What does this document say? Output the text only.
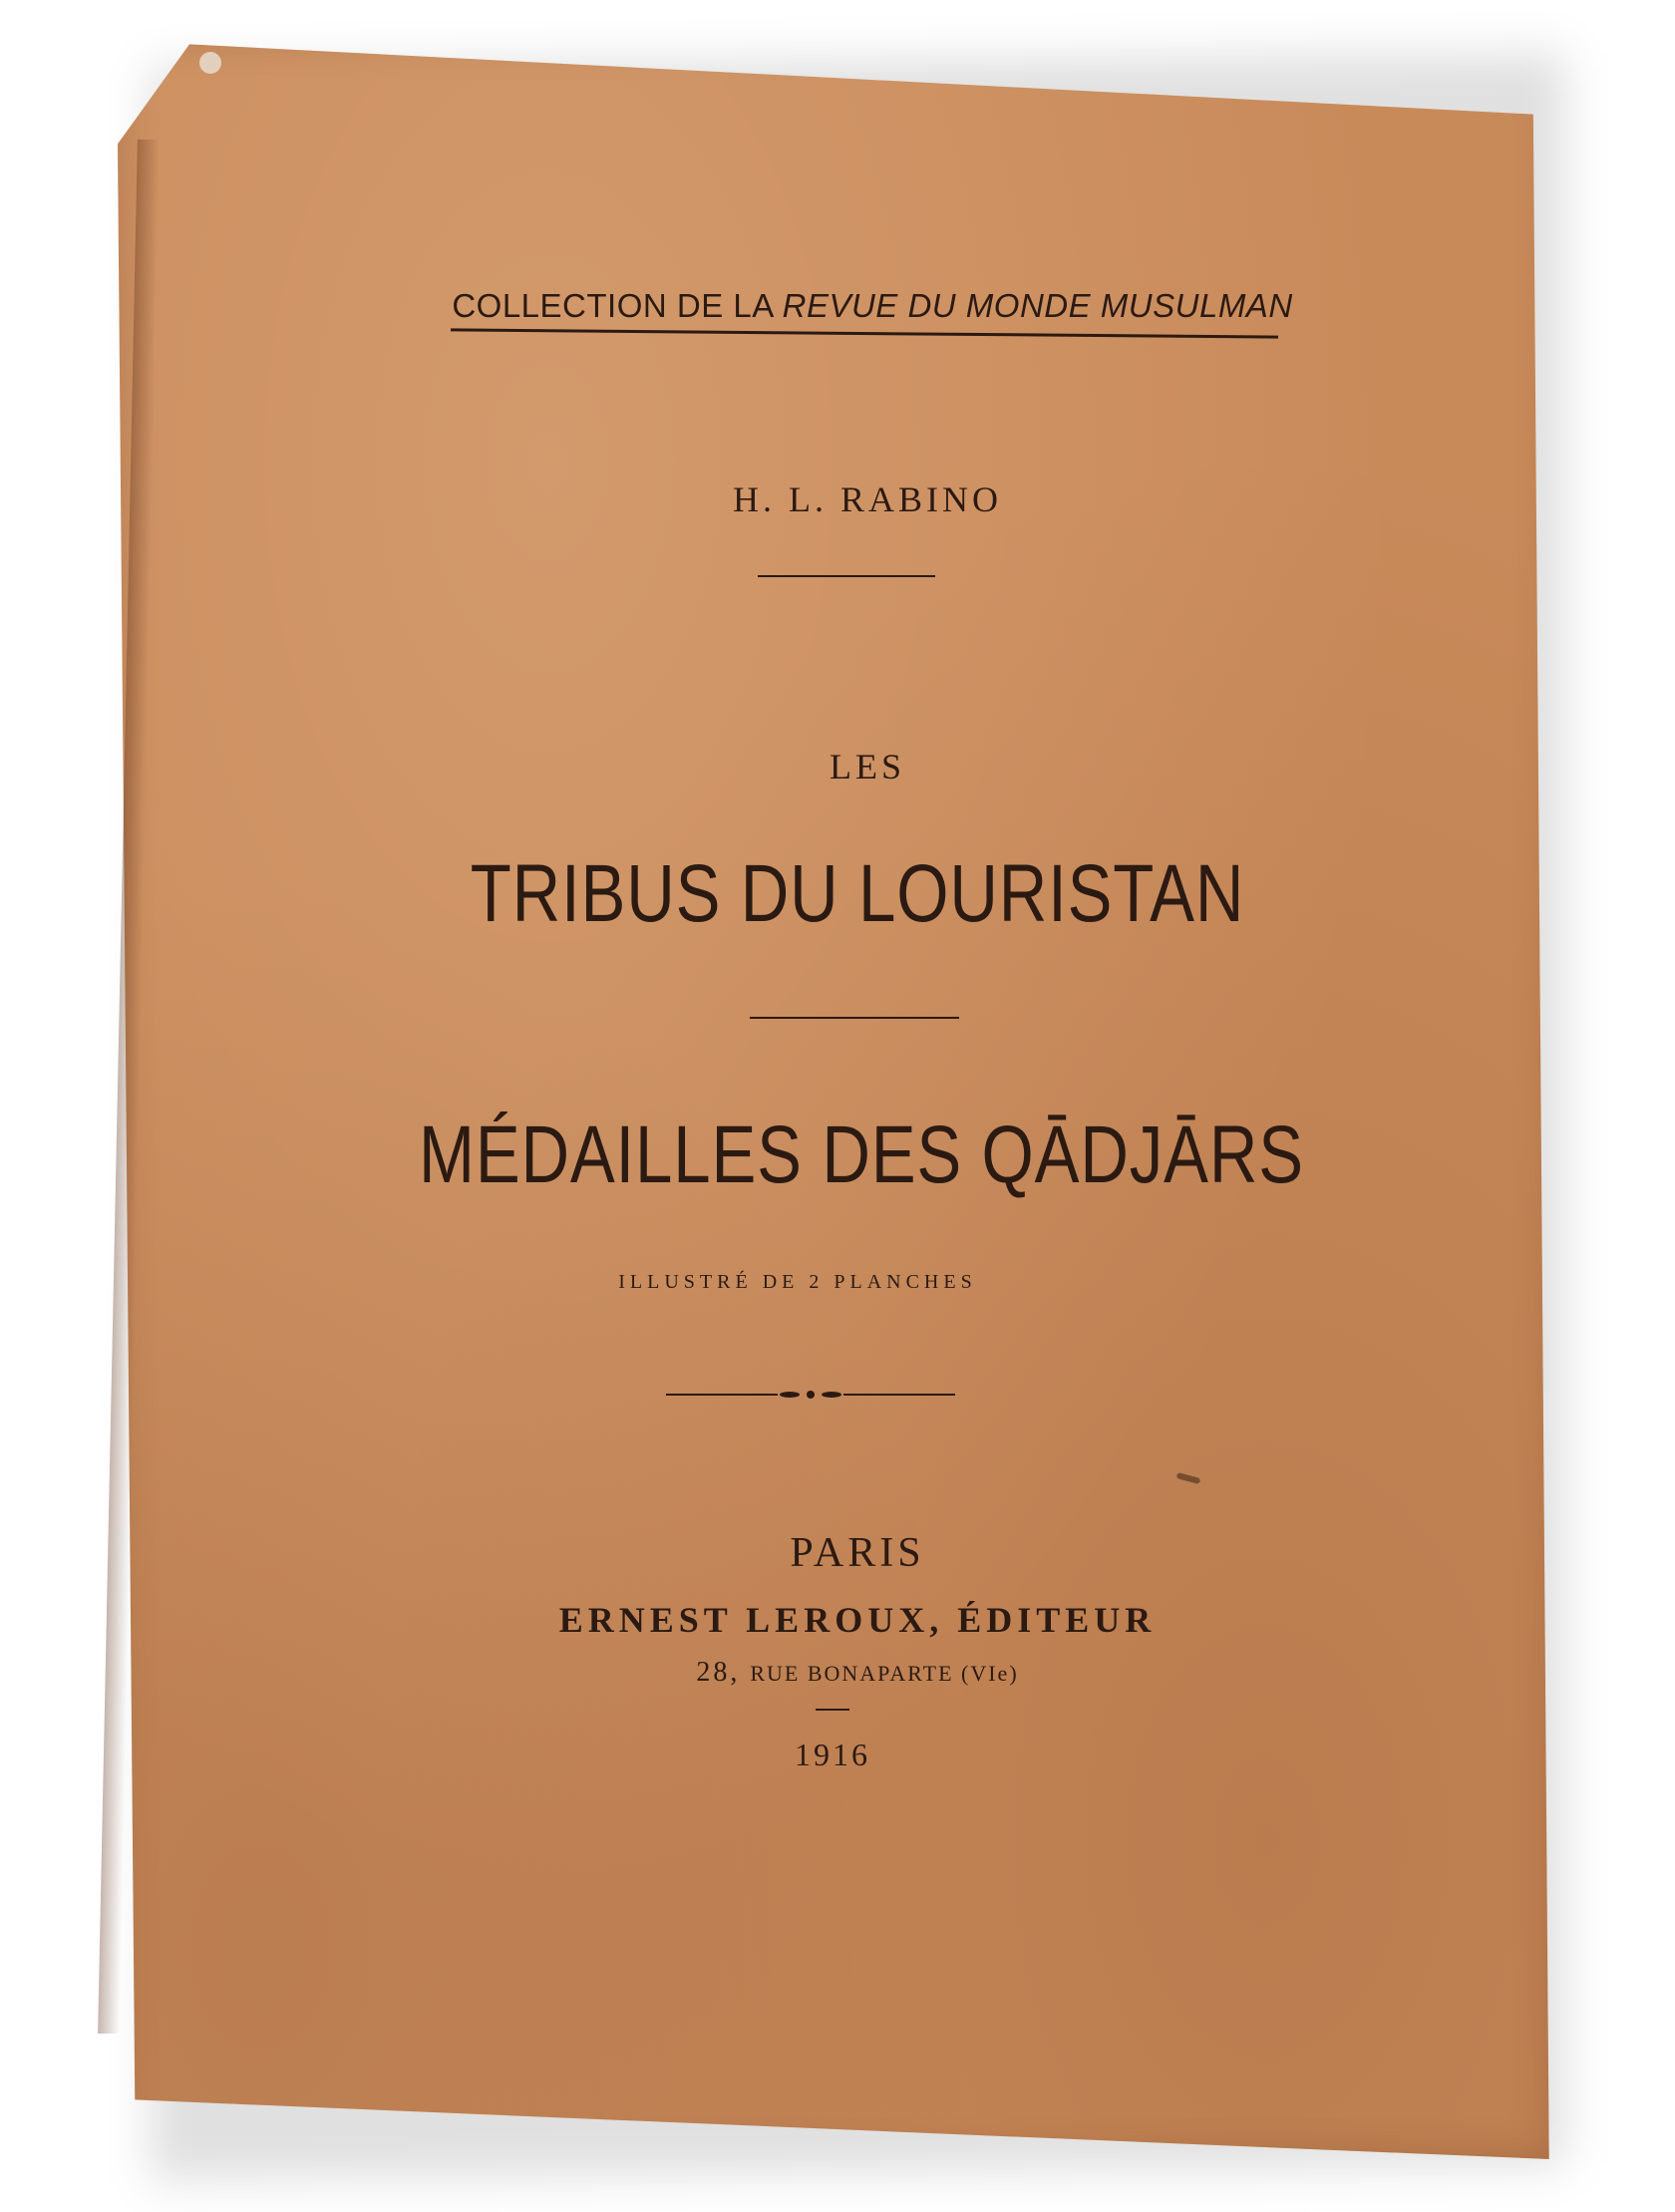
COLLECTION DE LA REVUE DU MONDE MUSULMAN
H. L. RABINO
LES
TRIBUS DU LOURISTAN
MÉDAILLES DES QĀDJĀRS
ILLUSTRÉ DE 2 PLANCHES
PARIS
ERNEST LEROUX, ÉDITEUR
28, RUE BONAPARTE (VIe)
1916
